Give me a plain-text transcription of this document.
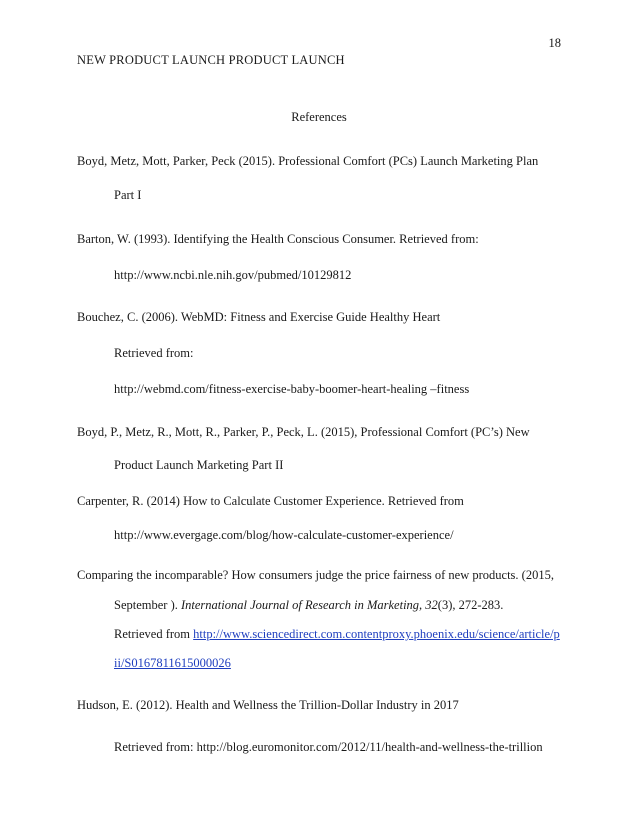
18
NEW PRODUCT LAUNCH PRODUCT LAUNCH
References
Boyd, Metz, Mott, Parker, Peck (2015). Professional Comfort (PCs) Launch Marketing Plan
Part I
Barton, W. (1993). Identifying the Health Conscious Consumer. Retrieved from:
http://www.ncbi.nle.nih.gov/pubmed/10129812
Bouchez, C. (2006). WebMD: Fitness and Exercise Guide Healthy Heart
Retrieved from:
http://webmd.com/fitness-exercise-baby-boomer-heart-healing –fitness
Boyd, P., Metz, R., Mott, R., Parker, P., Peck, L. (2015), Professional Comfort (PC’s) New
Product Launch Marketing Part II
Carpenter, R. (2014) How to Calculate Customer Experience. Retrieved from
http://www.evergage.com/blog/how-calculate-customer-experience/
Comparing the incomparable? How consumers judge the price fairness of new products. (2015,
September ). International Journal of Research in Marketing, 32(3), 272-283.
Retrieved from http://www.sciencedirect.com.contentproxy.phoenix.edu/science/article/p
ii/S0167811615000026
Hudson, E. (2012). Health and Wellness the Trillion-Dollar Industry in 2017
Retrieved from: http://blog.euromonitor.com/2012/11/health-and-wellness-the-trillion
